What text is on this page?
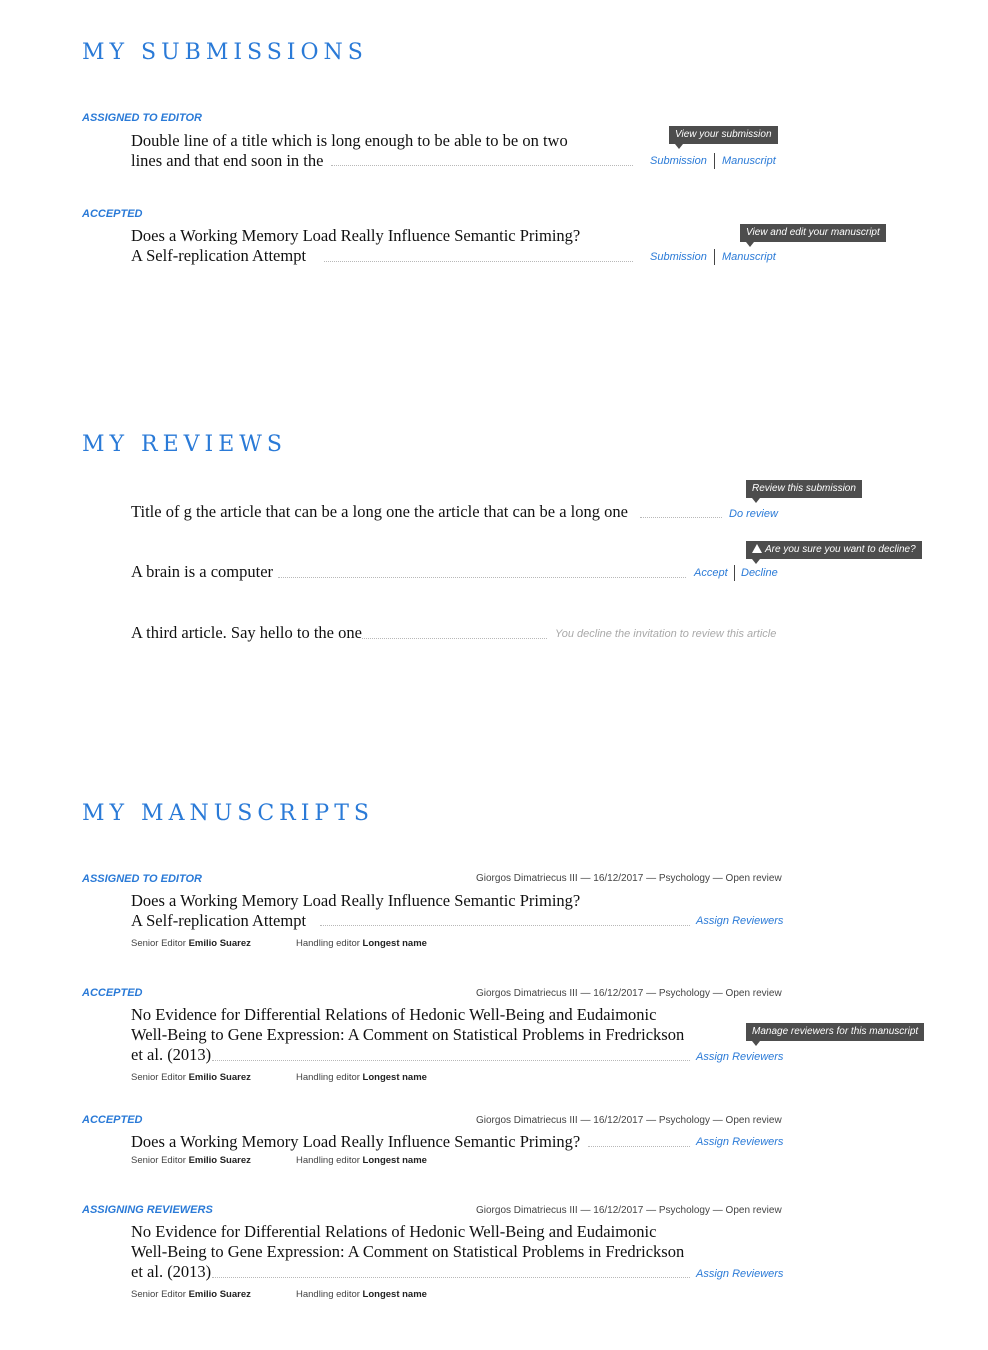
MY SUBMISSIONS
ASSIGNED TO EDITOR
Double line of a title which is long enough to be able to be on two
lines and that end soon in the
View your submission
Submission Manuscript
ACCEPTED
Does a Working Memory Load Really Influence Semantic Priming?
A Self-replication Attempt
View and edit your manuscript
Submission Manuscript
MY REVIEWS
Title of g the article that can be a long one the article that can be a long one
Review this submission
Do review
A brain is a computer
Are you sure you want to decline?
Accept Decline
A third article. Say hello to the one	You decline the invitation to review this article
MY MANUSCRIPTS
ASSIGNED TO EDITOR	Giorgos Dimatriecus III — 16/12/2017 — Psychology — Open review
Does a Working Memory Load Really Influence Semantic Priming?
A Self-replication Attempt	Assign Reviewers
Senior Editor Emilio Suarez	Handling editor Longest name
ACCEPTED	Giorgos Dimatriecus III — 16/12/2017 — Psychology — Open review
No Evidence for Differential Relations of Hedonic Well-Being and Eudaimonic
Well-Being to Gene Expression: A Comment on Statistical Problems in Fredrickson
et al. (2013)
Manage reviewers for this manuscript
Assign Reviewers
Senior Editor Emilio Suarez	Handling editor Longest name
ACCEPTED	Giorgos Dimatriecus III — 16/12/2017 — Psychology — Open review
Does a Working Memory Load Really Influence Semantic Priming?	Assign Reviewers
Senior Editor Emilio Suarez	Handling editor Longest name
ASSIGNING REVIEWERS	Giorgos Dimatriecus III — 16/12/2017 — Psychology — Open review
No Evidence for Differential Relations of Hedonic Well-Being and Eudaimonic
Well-Being to Gene Expression: A Comment on Statistical Problems in Fredrickson
et al. (2013)	Assign Reviewers
Senior Editor Emilio Suarez	Handling editor Longest name
